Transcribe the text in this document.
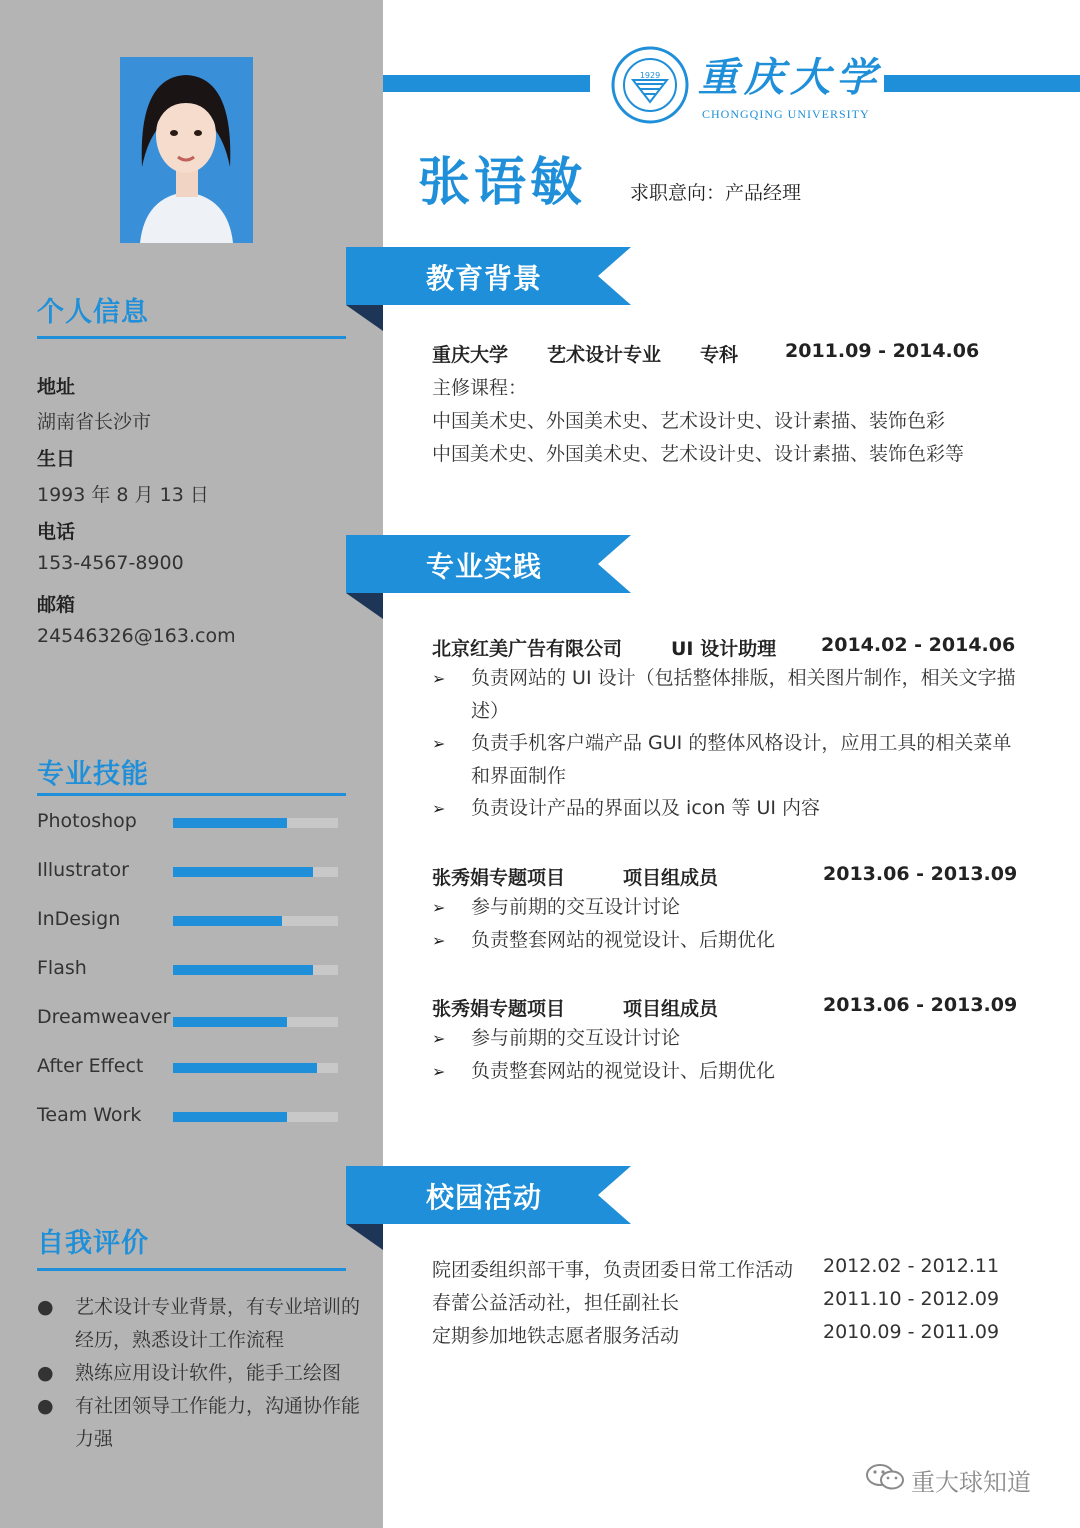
个人信息
地址
湖南省长沙市
生日
1993 年 8 月 13 日
电话
153-4567-8900
邮箱
24546326@163.com
专业技能
Photoshop
Illustrator
InDesign
Flash
Dreamweaver
After Effect
Team Work
自我评价
●	艺术设计专业背景，有专业培训的经历，熟悉设计工作流程
●	熟练应用设计软件，能手工绘图
●	有社团领导工作能力，沟通协作能力强
1929 重庆大学
CHONGQING UNIVERSITY
张语敏 求职意向：产品经理
教育背景
重庆大学 艺术设计专业 专科 2011.09 - 2014.06
主修课程：
中国美术史、外国美术史、艺术设计史、设计素描、装饰色彩
中国美术史、外国美术史、艺术设计史、设计素描、装饰色彩等
专业实践
北京红美广告有限公司	UI 设计助理 2014.02 - 2014.06
➢	负责网站的 UI 设计（包括整体排版，相关图片制作，相关文字描述）
➢	负责手机客户端产品 GUI 的整体风格设计，应用工具的相关菜单和界面制作
➢	负责设计产品的界面以及 icon 等 UI 内容
张秀娟专题项目	项目组成员	2013.06 - 2013.09
➢	参与前期的交互设计讨论
➢	负责整套网站的视觉设计、后期优化
张秀娟专题项目	项目组成员	2013.06 - 2013.09
➢	参与前期的交互设计讨论
➢	负责整套网站的视觉设计、后期优化
校园活动
院团委组织部干事，负责团委日常工作活动 2012.02 - 2012.11
春蕾公益活动社，担任副社长	2011.10 - 2012.09
定期参加地铁志愿者服务活动	2010.09 - 2011.09
重大球知道
